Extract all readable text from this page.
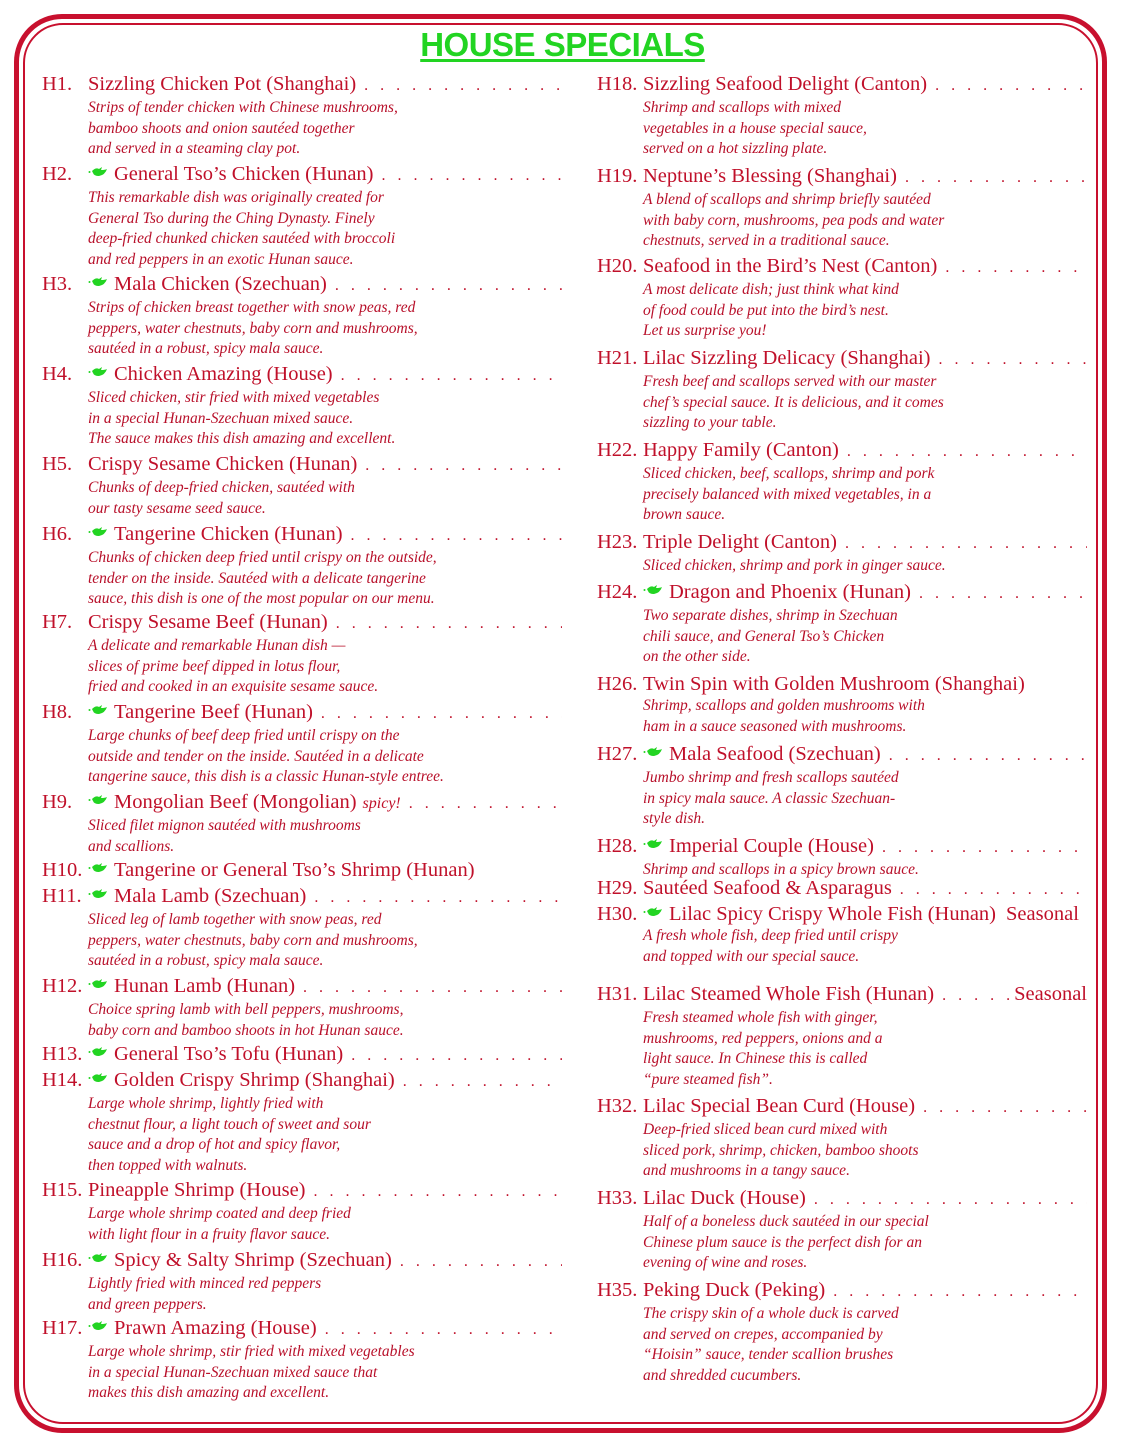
HOUSE SPECIALS
H1. Sizzling Chicken Pot (Shanghai)
. . .
Strips of tender chicken with Chinese mushrooms,
bamboo shoots and onion sautéed together
and served in a steaming clay pot.
H2.	General Tso’s Chicken (Hunan)
. . .
This remarkable dish was originally created for
General Tso during the Ching Dynasty. Finely
deep-fried chunked chicken sautéed with broccoli
and red peppers in an exotic Hunan sauce.
H3.	Mala Chicken (Szechuan)
. . .
Strips of chicken breast together with snow peas, red
peppers, water chestnuts, baby corn and mushrooms,
sautéed in a robust, spicy mala sauce.
H4.	Chicken Amazing (House)
. . .
Sliced chicken, stir fried with mixed vegetables
in a special Hunan-Szechuan mixed sauce.
The sauce makes this dish amazing and excellent.
H5. Crispy Sesame Chicken (Hunan)
. . .
Chunks of deep-fried chicken, sautéed with
our tasty sesame seed sauce.
H6.	Tangerine Chicken (Hunan)
. . .
Chunks of chicken deep fried until crispy on the outside,
tender on the inside. Sautéed with a delicate tangerine
sauce, this dish is one of the most popular on our menu.
H7. Crispy Sesame Beef (Hunan)
. . .
A delicate and remarkable Hunan dish —
slices of prime beef dipped in lotus flour,
fried and cooked in an exquisite sesame sauce.
H8.	Tangerine Beef (Hunan)
. . .
Large chunks of beef deep fried until crispy on the
outside and tender on the inside. Sautéed in a delicate
tangerine sauce, this dish is a classic Hunan-style entree.
H9.	Mongolian Beef (Mongolian) spicy!
. . .
Sliced filet mignon sautéed with mushrooms
and scallions.
H10. Tangerine or General Tso’s Shrimp (Hunan)
H11.	Mala Lamb (Szechuan)
. . .
Sliced leg of lamb together with snow peas, red
peppers, water chestnuts, baby corn and mushrooms,
sautéed in a robust, spicy mala sauce.
H12. Hunan Lamb (Hunan)
. . .
Choice spring lamb with bell peppers, mushrooms,
baby corn and bamboo shoots in hot Hunan sauce.
H13. General Tso’s Tofu (Hunan)
. . .
H14. Golden Crispy Shrimp (Shanghai)
. . .
Large whole shrimp, lightly fried with
chestnut flour, a light touch of sweet and sour
sauce and a drop of hot and spicy flavor,
then topped with walnuts.
H15. Pineapple Shrimp (House)
. . .
Large whole shrimp coated and deep fried
with light flour in a fruity flavor sauce.
H16. Spicy & Salty Shrimp (Szechuan)
. . .
Lightly fried with minced red peppers
and green peppers.
H17. Prawn Amazing (House)
. . .
Large whole shrimp, stir fried with mixed vegetables
in a special Hunan-Szechuan mixed sauce that
makes this dish amazing and excellent.
H18. Sizzling Seafood Delight (Canton)
. . .
Shrimp and scallops with mixed
vegetables in a house special sauce,
served on a hot sizzling plate.
H19. Neptune’s Blessing (Shanghai)
. . .
A blend of scallops and shrimp briefly sautéed
with baby corn, mushrooms, pea pods and water
chestnuts, served in a traditional sauce.
H20. Seafood in the Bird’s Nest (Canton)
. . .
A most delicate dish; just think what kind
of food could be put into the bird’s nest.
Let us surprise you!
H21. Lilac Sizzling Delicacy (Shanghai)
. . .
Fresh beef and scallops served with our master
chef’s special sauce. It is delicious, and it comes
sizzling to your table.
H22. Happy Family (Canton)
. . .
Sliced chicken, beef, scallops, shrimp and pork
precisely balanced with mixed vegetables, in a
brown sauce.
H23. Triple Delight (Canton)
. . .
Sliced chicken, shrimp and pork in ginger sauce.
H24. Dragon and Phoenix (Hunan)
. . .
Two separate dishes, shrimp in Szechuan
chili sauce, and General Tso’s Chicken
on the other side.
H26. Twin Spin with Golden Mushroom (Shanghai)
Shrimp, scallops and golden mushrooms with
ham in a sauce seasoned with mushrooms.
H27. Mala Seafood (Szechuan)
. . .
Jumbo shrimp and fresh scallops sautéed
in spicy mala sauce. A classic Szechuan-
style dish.
H28. Imperial Couple (House)
. . .
Shrimp and scallops in a spicy brown sauce.
H29. Sautéed Seafood & Asparagus
. . .
H30. Lilac Spicy Crispy Whole Fish (Hunan) Seasonal
A fresh whole fish, deep fried until crispy
and topped with our special sauce.
H31. Lilac Steamed Whole Fish (Hunan) . . .	Seasonal
Fresh steamed whole fish with ginger,
mushrooms, red peppers, onions and a
light sauce. In Chinese this is called
“pure steamed fish”.
H32. Lilac Special Bean Curd (House)
. . .
Deep-fried sliced bean curd mixed with
sliced pork, shrimp, chicken, bamboo shoots
and mushrooms in a tangy sauce.
H33. Lilac Duck (House)
. . .
Half of a boneless duck sautéed in our special
Chinese plum sauce is the perfect dish for an
evening of wine and roses.
H35. Peking Duck (Peking)
. . .
The crispy skin of a whole duck is carved
and served on crepes, accompanied by
“Hoisin” sauce, tender scallion brushes
and shredded cucumbers.
